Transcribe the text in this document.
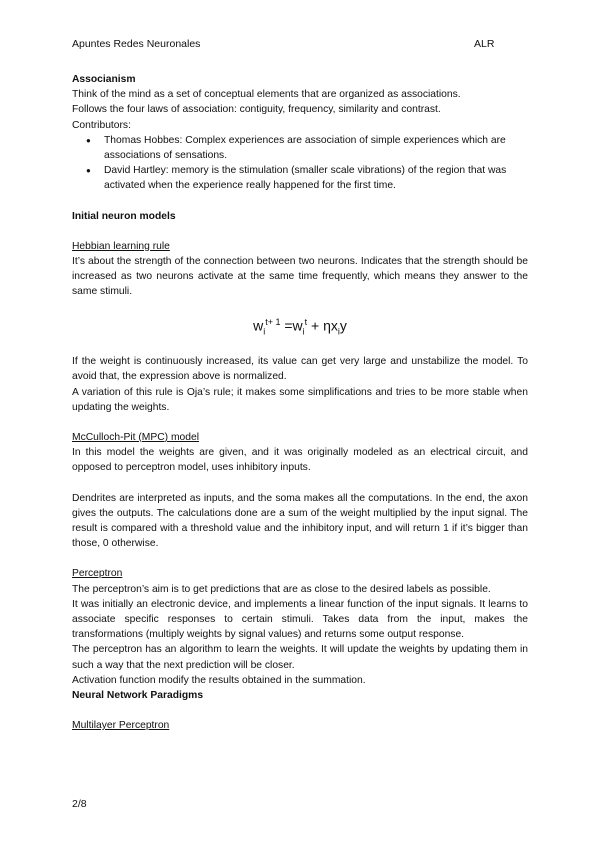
Apuntes Redes Neuronales	ALR

Associanism

Think of the mind as a set of conceptual elements that are organized as associations.

Follows the four laws of association: contiguity, frequency, similarity and contrast.

Contributors:

● Thomas Hobbes: Complex experiences are association of simple experiences which are associations of sensations.
● David Hartley: memory is the stimulation (smaller scale vibrations) of the region that was activated when the experience really happened for the first time.

Initial neuron models

Hebbian learning rule

It’s about the strength of the connection between two neurons. Indicates that the strength should be increased as two neurons activate at the same time frequently, which means they answer to the same stimuli.

$w_i^{t+ 1} =w_i^t + \eta x_iy$

If the weight is continuously increased, its value can get very large and unstabilize the model. To avoid that, the expression above is normalized.

A variation of this rule is Oja’s rule; it makes some simplifications and tries to be more stable when updating the weights.

McCulloch-Pit (MPC) model

In this model the weights are given, and it was originally modeled as an electrical circuit, and opposed to perceptron model, uses inhibitory inputs.

Dendrites are interpreted as inputs, and the soma makes all the computations. In the end, the axon gives the outputs. The calculations done are a sum of the weight multiplied by the input signal. The result is compared with a threshold value and the inhibitory input, and will return 1 if it’s bigger than those, 0 otherwise.

Perceptron

The perceptron’s aim is to get predictions that are as close to the desired labels as possible.

It was initially an electronic device, and implements a linear function of the input signals. It learns to associate specific responses to certain stimuli. Takes data from the input, makes the transformations (multiply weights by signal values) and returns some output response.

The perceptron has an algorithm to learn the weights. It will update the weights by updating them in such a way that the next prediction will be closer.

Activation function modify the results obtained in the summation.

Neural Network Paradigms

Multilayer Perceptron

2/8
